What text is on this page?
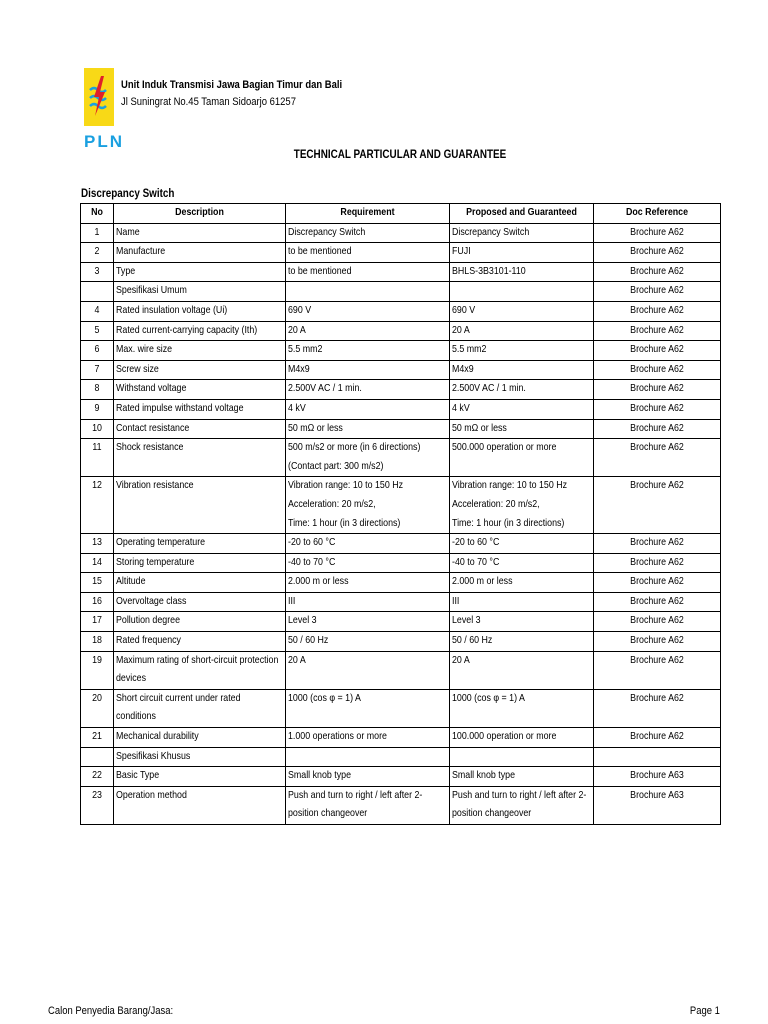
PLN
Unit Induk Transmisi Jawa Bagian Timur dan Bali
Jl Suningrat No.45 Taman Sidoarjo 61257
TECHNICAL PARTICULAR AND GUARANTEE
Discrepancy Switch
No	Description	Requirement	Proposed and Guaranteed	Doc Reference

1	Name	Discrepancy Switch	Discrepancy Switch	Brochure A62

2	Manufacture	to be mentioned	FUJI	Brochure A62

3	Type	to be mentioned	BHLS-3B3101-110	Brochure A62

	Spesifikasi Umum			Brochure A62

4	Rated insulation voltage (Ui)	690 V	690 V	Brochure A62

5	Rated current-carrying capacity (Ith)	20 A	20 A	Brochure A62

6	Max. wire size	5.5 mm2	5.5 mm2	Brochure A62

7	Screw size	M4x9	M4x9	Brochure A62

8	Withstand voltage	2.500V AC / 1 min.	2.500V AC / 1 min.	Brochure A62

9	Rated impulse withstand voltage	4 kV	4 kV	Brochure A62

10	Contact resistance	50 mΩ or less	50 mΩ or less	Brochure A62

11	Shock resistance	500 m/s2 or more (in 6 directions) (Contact part: 300 m/s2)	500.000 operation or more	Brochure A62

12	Vibration resistance	Vibration range: 10 to 150 Hz
Acceleration: 20 m/s2,
Time: 1 hour (in 3 directions)	Vibration range: 10 to 150 Hz
Acceleration: 20 m/s2,
Time: 1 hour (in 3 directions)	Brochure A62

13	Operating temperature	-20 to 60 °C	-20 to 60 °C	Brochure A62

14	Storing temperature	-40 to 70 °C	-40 to 70 °C	Brochure A62

15	Altitude	2.000 m or less	2.000 m or less	Brochure A62

16	Overvoltage class	III	III	Brochure A62

17	Pollution degree	Level 3	Level 3	Brochure A62

18	Rated frequency	50 / 60 Hz	50 / 60 Hz	Brochure A62

19	Maximum rating of short-circuit protection devices	20 A	20 A	Brochure A62

20	Short circuit current under rated conditions	1000 (cos φ = 1) A	1000 (cos φ = 1) A	Brochure A62

21	Mechanical durability	1.000 operations or more	100.000 operation or more	Brochure A62

	Spesifikasi Khusus			

22	Basic Type	Small knob type	Small knob type	Brochure A63

23	Operation method	Push and turn to right / left after 2-position changeover	Push and turn to right / left after 2-position changeover	Brochure A63
Calon Penyedia Barang/Jasa:	Page 1
